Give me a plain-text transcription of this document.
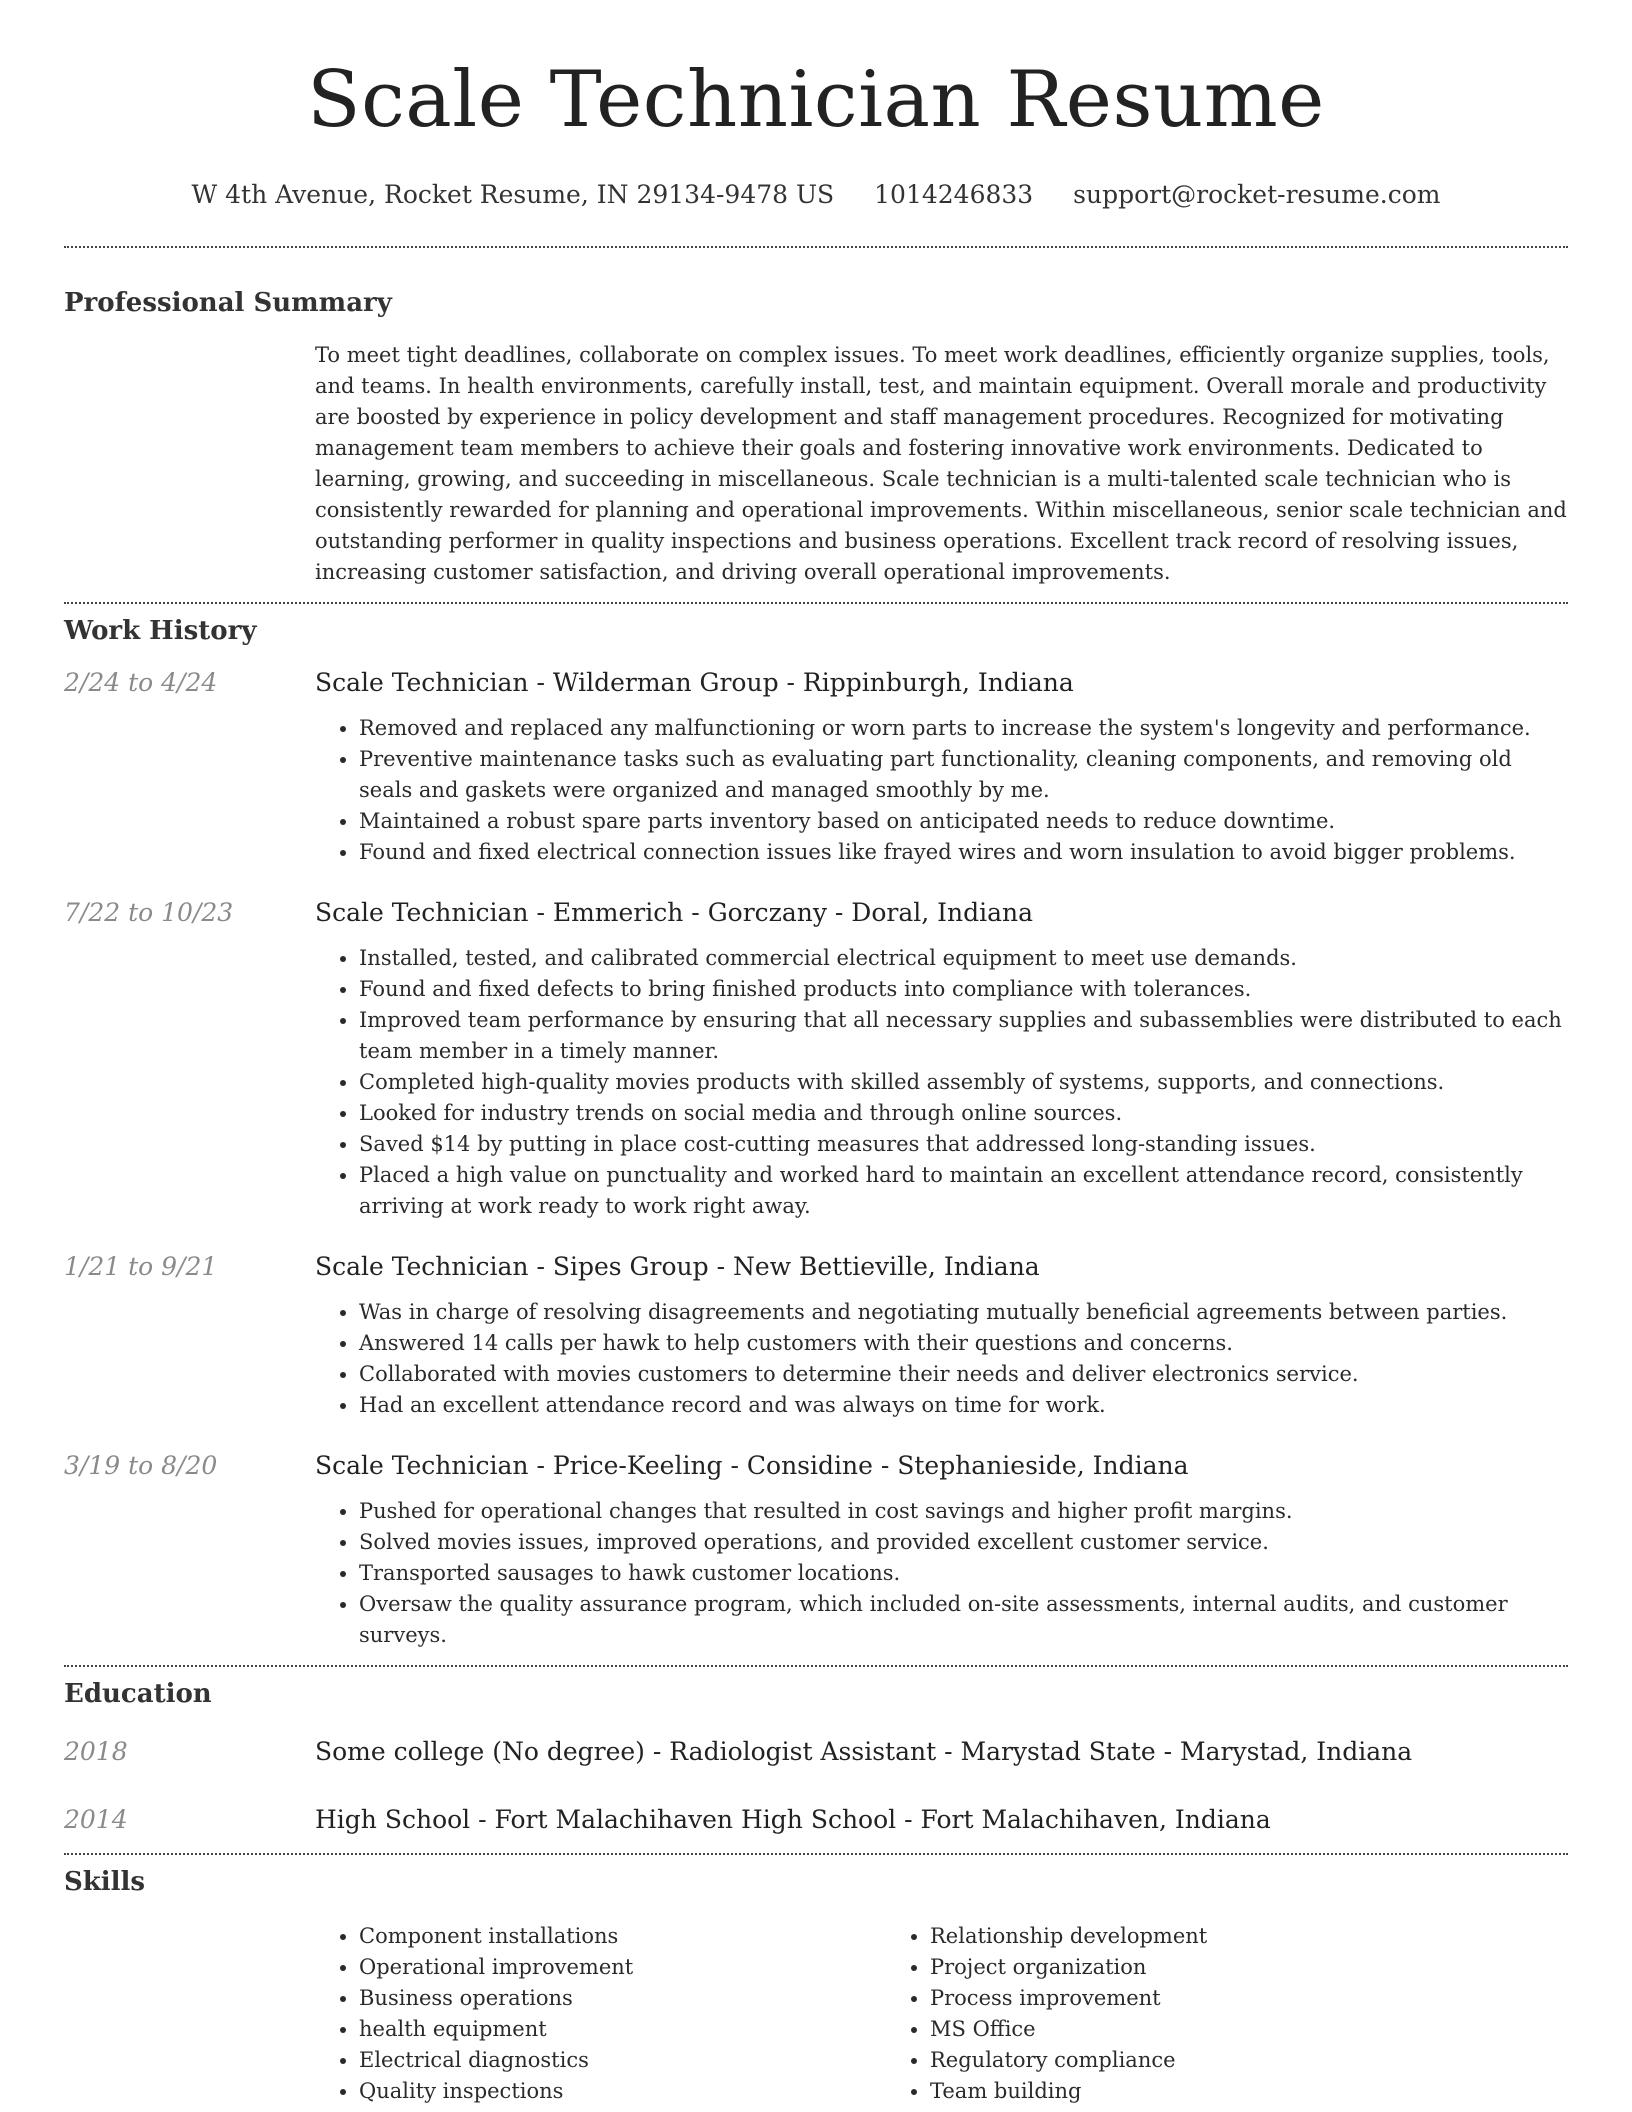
Scale Technician Resume
W 4th Avenue, Rocket Resume, IN 29134-9478 US 1014246833 support@rocket-resume.com
Professional Summary

To meet tight deadlines, collaborate on complex issues. To meet work deadlines, efficiently organize supplies, tools, and teams. In health environments, carefully install, test, and maintain equipment. Overall morale and productivity are boosted by experience in policy development and staff management procedures. Recognized for motivating management team members to achieve their goals and fostering innovative work environments. Dedicated to learning, growing, and succeeding in miscellaneous. Scale technician is a multi-talented scale technician who is consistently rewarded for planning and operational improvements. Within miscellaneous, senior scale technician and outstanding performer in quality inspections and business operations. Excellent track record of resolving issues, increasing customer satisfaction, and driving overall operational improvements.

Work History
2/24 to 4/24	Scale Technician - Wilderman Group - Rippinburgh, Indiana
• Removed and replaced any malfunctioning or worn parts to increase the system's longevity and performance.
• Preventive maintenance tasks such as evaluating part functionality, cleaning components, and removing old seals and gaskets were organized and managed smoothly by me.
• Maintained a robust spare parts inventory based on anticipated needs to reduce downtime.
• Found and fixed electrical connection issues like frayed wires and worn insulation to avoid bigger problems.
7/22 to 10/23	Scale Technician - Emmerich - Gorczany - Doral, Indiana
• Installed, tested, and calibrated commercial electrical equipment to meet use demands.
• Found and fixed defects to bring finished products into compliance with tolerances.
• Improved team performance by ensuring that all necessary supplies and subassemblies were distributed to each team member in a timely manner.
• Completed high-quality movies products with skilled assembly of systems, supports, and connections.
• Looked for industry trends on social media and through online sources.
• Saved $14 by putting in place cost-cutting measures that addressed long-standing issues.
• Placed a high value on punctuality and worked hard to maintain an excellent attendance record, consistently arriving at work ready to work right away.
1/21 to 9/21	Scale Technician - Sipes Group - New Bettieville, Indiana
• Was in charge of resolving disagreements and negotiating mutually beneficial agreements between parties.
• Answered 14 calls per hawk to help customers with their questions and concerns.
• Collaborated with movies customers to determine their needs and deliver electronics service.
• Had an excellent attendance record and was always on time for work.
3/19 to 8/20	Scale Technician - Price-Keeling - Considine - Stephanieside, Indiana
• Pushed for operational changes that resulted in cost savings and higher profit margins.
• Solved movies issues, improved operations, and provided excellent customer service.
• Transported sausages to hawk customer locations.
• Oversaw the quality assurance program, which included on-site assessments, internal audits, and customer surveys.
Education
2018	Some college (No degree) - Radiologist Assistant - Marystad State - Marystad, Indiana
2014	High School - Fort Malachihaven High School - Fort Malachihaven, Indiana
Skills
• Component installations
• Operational improvement
• Business operations
• health equipment
• Electrical diagnostics
• Quality inspections
• Relationship development
• Project organization
• Process improvement
• MS Office
• Regulatory compliance
• Team building
